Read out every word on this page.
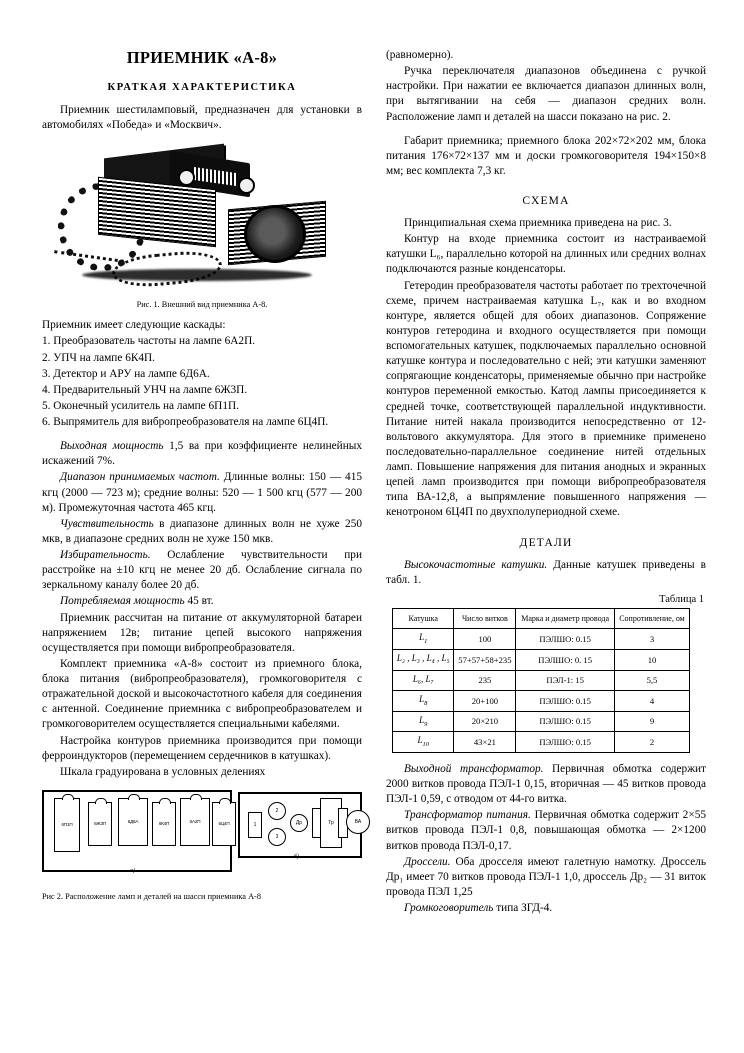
ПРИЕМНИК «А-8»
КРАТКАЯ ХАРАКТЕРИСТИКА

Приемник шестиламповый, предназначен для установки в автомобилях «Победа» и «Москвич».

Рис. 1. Внешний вид приемника А-8.

Приемник имеет следующие каскады:

1. Преобразователь частоты на лампе 6А2П.

2. УПЧ на лампе 6К4П.

3. Детектор и АРУ на лампе 6Д6А.

4. Предварительный УНЧ на лампе 6Ж3П.

5. Оконечный усилитель на лампе 6П1П.

6. Выпрямитель для вибропреобразователя на лампе 6Ц4П.

Выходная мощность 1,5 ва при коэффициенте нелинейных искажений 7%.

Диапазон принимаемых частот. Длинные волны: 150 — 415 кгц (2000 — 723 м); средние волны: 520 — 1 500 кгц (577 — 200 м). Промежуточная частота 465 кгц.

Чувствительность в диапазоне длинных волн не хуже 250 мкв, в диапазоне средних волн не хуже 150 мкв.

Избирательность. Ослабление чувствительности при расстройке на ±10 кгц не менее 20 дб. Ослабление сигнала по зеркальному каналу более 20 дб.

Потребляемая мощность 45 вт.

Приемник рассчитан на питание от аккумуляторной батареи напряжением 12в; питание цепей высокого напряжения осуществляется при помощи вибропреобразователя.

Комплект приемника «А-8» состоит из приемного блока, блока питания (вибропреобразователя), громкоговорителя с отражательной доской и высокочастотного кабеля для соединения с антенной. Соединение приемника с вибропреобразователем и громкоговорителем осуществляется специальными кабелями.

Настройка контуров приемника производится при помощи ферроиндукторов (перемещением сердечников в катушках).

Шкала градуирована в условных делениях

6П1П	6Ж3П	6Д6А	6К4П	6А2П	6Ц4П
а)
1
2
3
Др	Тр	ВА
б)

Рис 2. Расположение ламп и деталей на шасси приемника А-8

(равномерно).

Ручка переключателя диапазонов объединена с ручкой настройки. При нажатии ее включается диапазон длинных волн, при вытягивании на себя — диапазон средних волн. Расположение ламп и деталей на шасси показано на рис. 2.

Габарит приемника; приемного блока 202×72×202 мм, блока питания 176×72×137 мм и доски громкоговорителя 194×150×8 мм; вес комплекта 7,3 кг.

СХЕМА

Принципиальная схема приемника приведена на рис. 3.

Контур на входе приемника состоит из настраиваемой катушки L₆, параллельно которой на длинных или средних волнах подключаются разные конденсаторы.

Гетеродин преобразователя частоты работает по трехточечной схеме, причем настраиваемая катушка L₇, как и во входном контуре, является общей для обоих диапазонов. Сопряжение контуров гетеродина и входного осуществляется при помощи вспомогательных катушек, подключаемых параллельно основной катушке контура и последовательно с ней; эти катушки заменяют сопрягающие конденсаторы, применяемые обычно при настройке контуров переменной емкостью. Катод лампы присоединяется к средней точке, соответствующей параллельной индуктивности. Питание нитей накала производится непосредственно от 12-вольтового аккумулятора. Для этого в приемнике применено последовательно-параллельное соединение нитей отдельных ламп. Повышение напряжения для питания анодных и экранных цепей ламп производится при помощи вибропреобразователя типа ВА-12,8, а выпрямление повышенного напряжения — кенотроном 6Ц4П по двухполупериодной схеме.

ДЕТАЛИ

Высокочастотные катушки. Данные катушек приведены в табл. 1.

Таблица 1
Катушка	Число витков	Марка и диаметр провода	Сопротивление, ом
$L_1$	100	ПЭЛШО: 0.15	3
L₂ , L₃ , L₄ , L₅	57+57+58+235	ПЭЛШО: 0. 15	10
L₆, L₇	235	ПЭЛ-1: 15	5,5
$L_8$	20+100	ПЭЛШО: 0.15	4
$L_9$	20×210	ПЭЛШО: 0.15	9
$L_{10}$	43×21	ПЭЛШО: 0.15	2

Выходной трансформатор. Первичная обмотка содержит 2000 витков провода ПЭЛ-1 0,15, вторичная — 45 витков провода ПЭЛ-1 0,59, с отводом от 44-го витка.

Трансформатор питания. Первичная обмотка содержит 2×55 витков провода ПЭЛ-1 0,8, повышающая обмотка — 2×1200 витков провода ПЭЛ-0,17.

Дроссели. Оба дросселя имеют галетную намотку. Дроссель Др₁ имеет 70 витков провода ПЭЛ-1 1,0, дроссель Др₂ — 31 виток провода ПЭЛ 1,25

Громкоговоритель типа ЗГД-4.
